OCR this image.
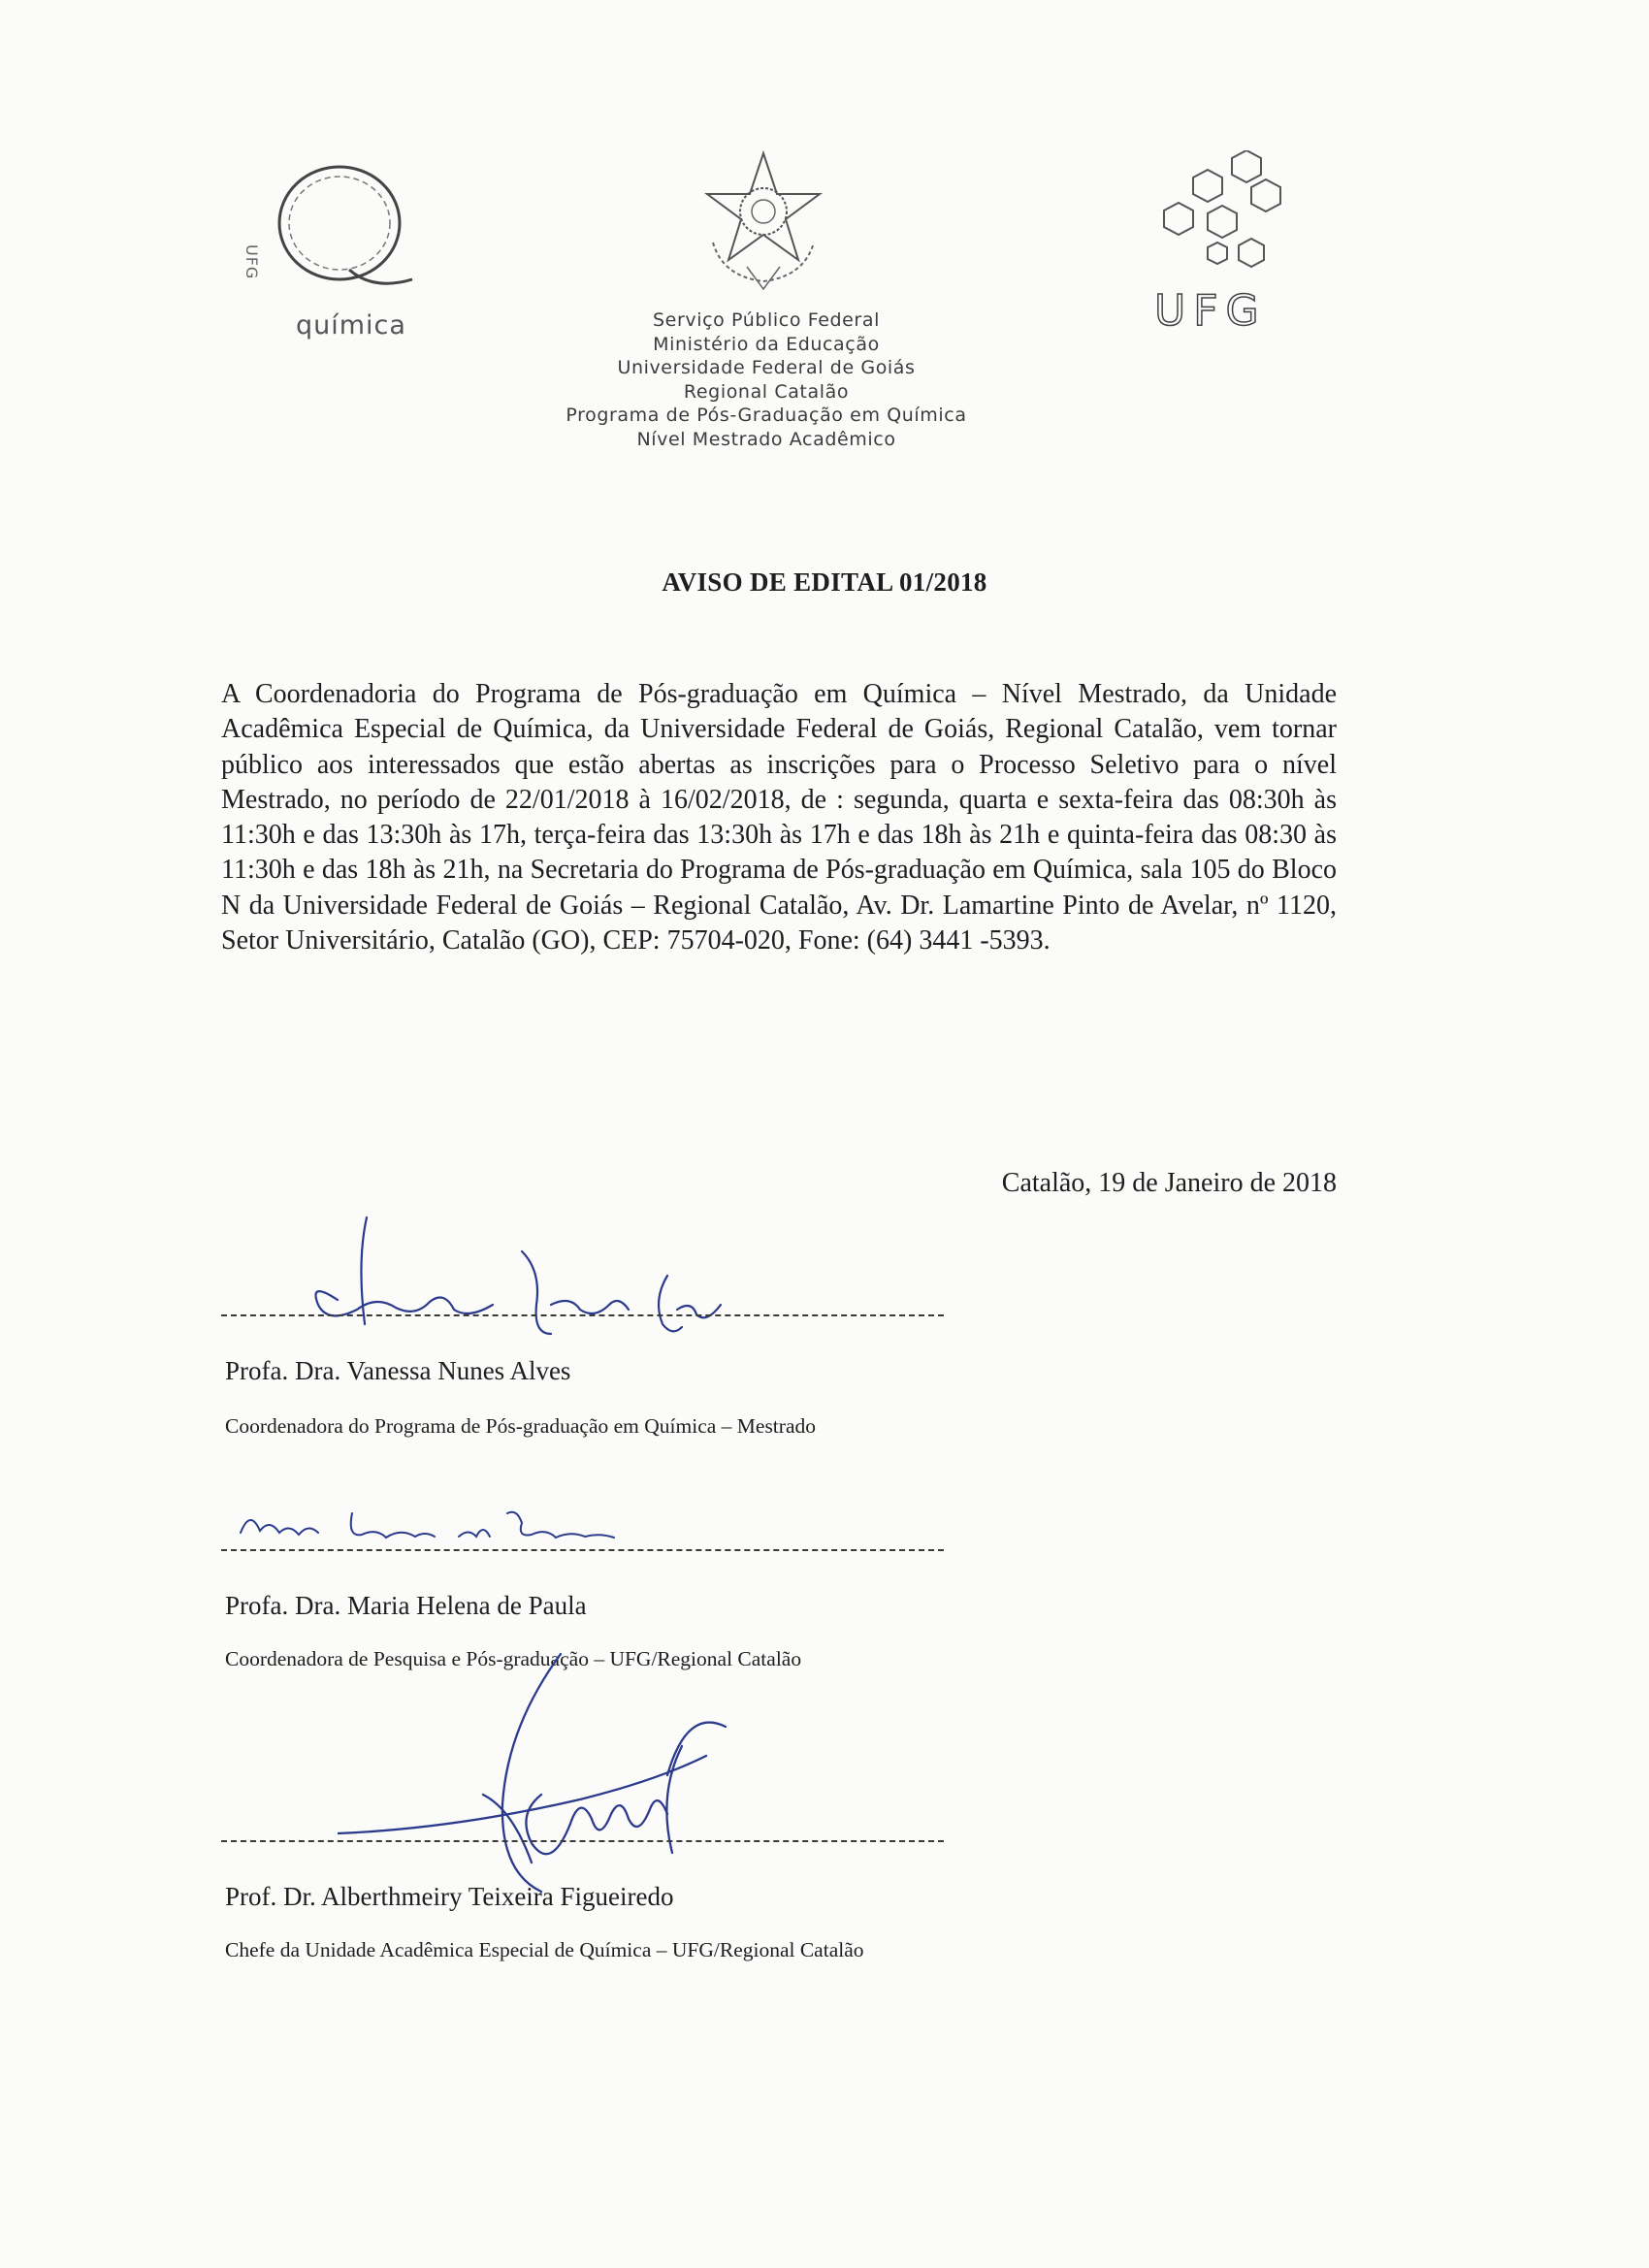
UFG
química	UFG
Serviço Público Federal
Ministério da Educação
Universidade Federal de Goiás
Regional Catalão
Programa de Pós-Graduação em Química
Nível Mestrado Acadêmico
AVISO DE EDITAL 01/2018
A Coordenadoria do Programa de Pós-graduação em Química – Nível Mestrado, da Unidade Acadêmica Especial de Química, da Universidade Federal de Goiás, Regional Catalão, vem tornar público aos interessados que estão abertas as inscrições para o Processo Seletivo para o nível Mestrado, no período de 22/01/2018 à 16/02/2018, de : segunda, quarta e sexta-feira das 08:30h às 11:30h e das 13:30h às 17h, terça-feira das 13:30h às 17h e das 18h às 21h e quinta-feira das 08:30 às 11:30h e das 18h às 21h, na Secretaria do Programa de Pós-graduação em Química, sala 105 do Bloco N da Universidade Federal de Goiás – Regional Catalão, Av. Dr. Lamartine Pinto de Avelar, nº 1120, Setor Universitário, Catalão (GO), CEP: 75704-020, Fone: (64) 3441 -5393.
Catalão, 19 de Janeiro de 2018
Profa. Dra. Vanessa Nunes Alves
Coordenadora do Programa de Pós-graduação em Química – Mestrado
Profa. Dra. Maria Helena de Paula
Coordenadora de Pesquisa e Pós-graduação – UFG/Regional Catalão
Prof. Dr. Alberthmeiry Teixeira Figueiredo
Chefe da Unidade Acadêmica Especial de Química – UFG/Regional Catalão
